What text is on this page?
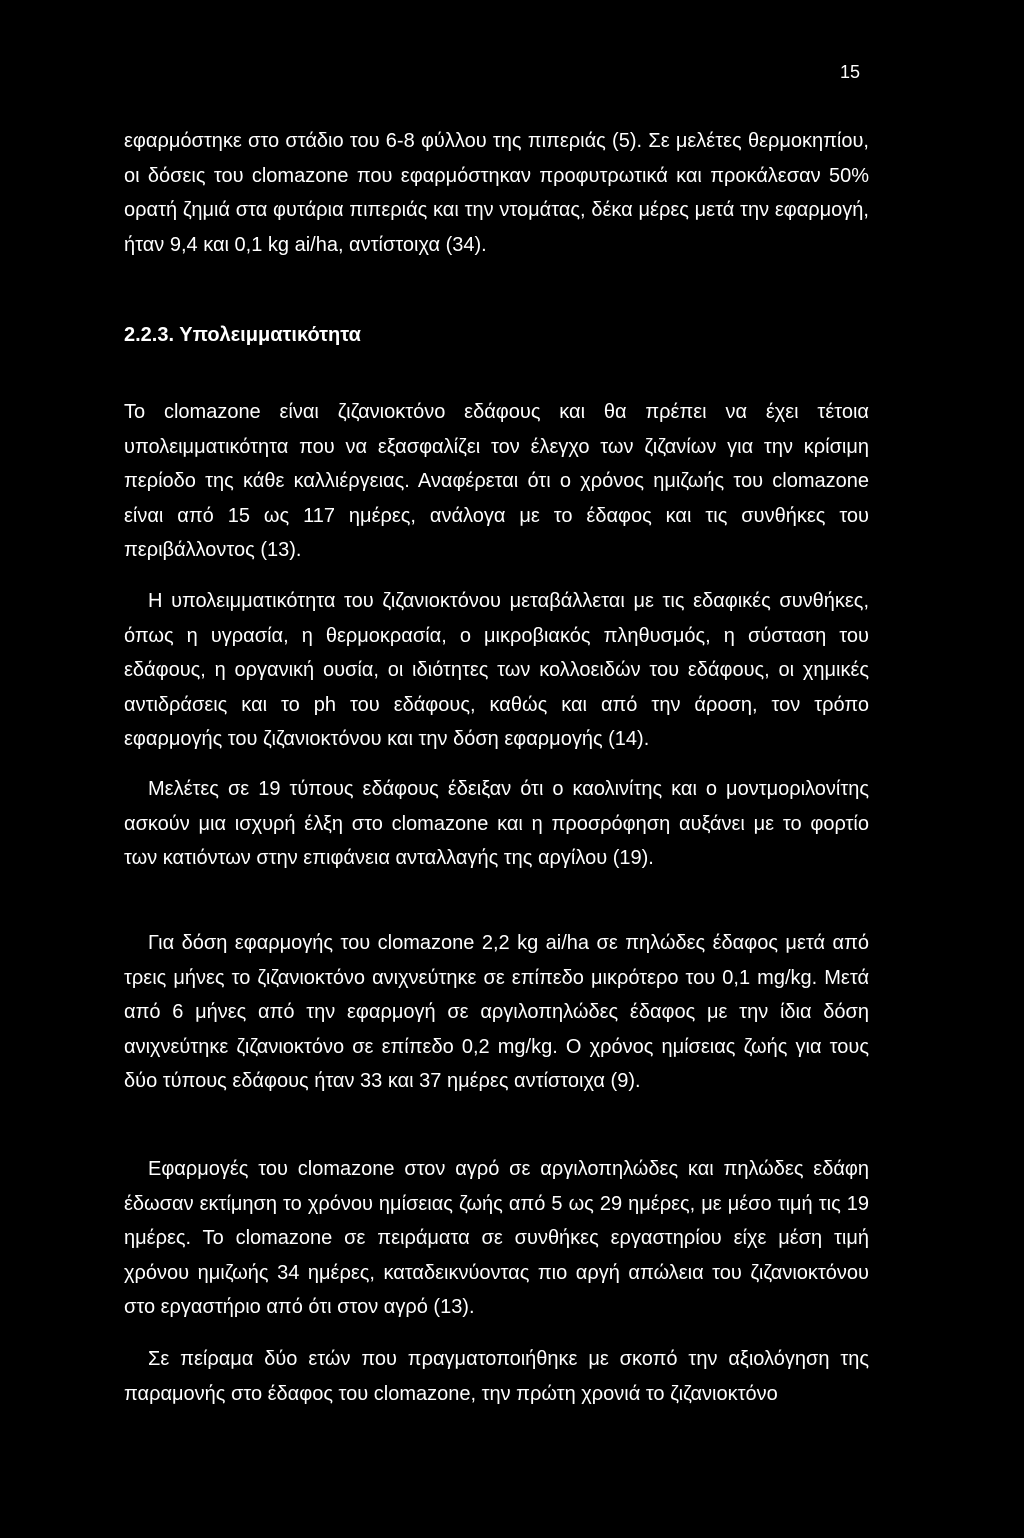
15

εφαρμόστηκε στο στάδιο του 6-8 φύλλου της πιπεριάς (5). Σε μελέτες θερμοκηπίου, οι δόσεις του clomazone που εφαρμόστηκαν προφυτρωτικά και προκάλεσαν 50% ορατή ζημιά στα φυτάρια πιπεριάς και την ντομάτας, δέκα μέρες μετά την εφαρμογή, ήταν 9,4 και 0,1 kg ai/ha, αντίστοιχα (34).

2.2.3. Υπολειμματικότητα

Το clomazone είναι ζιζανιοκτόνο εδάφους και θα πρέπει να έχει τέτοια υπολειμματικότητα που να εξασφαλίζει τον έλεγχο των ζιζανίων για την κρίσιμη περίοδο της κάθε καλλιέργειας. Αναφέρεται ότι ο χρόνος ημιζωής του clomazone είναι από 15 ως 117 ημέρες, ανάλογα με το έδαφος και τις συνθήκες του περιβάλλοντος (13).

Η υπολειμματικότητα του ζιζανιοκτόνου μεταβάλλεται με τις εδαφικές συνθήκες, όπως η υγρασία, η θερμοκρασία, ο μικροβιακός πληθυσμός, η σύσταση του εδάφους, η οργανική ουσία, οι ιδιότητες των κολλοειδών του εδάφους, οι χημικές αντιδράσεις και το ph του εδάφους, καθώς και από την άροση, τον τρόπο εφαρμογής του ζιζανιοκτόνου και την δόση εφαρμογής (14).

Μελέτες σε 19 τύπους εδάφους έδειξαν ότι ο καολινίτης και ο μοντμοριλονίτης ασκούν μια ισχυρή έλξη στο clomazone και η προσρόφηση αυξάνει με το φορτίο των κατιόντων στην επιφάνεια ανταλλαγής της αργίλου (19).

Για δόση εφαρμογής του clomazone 2,2 kg ai/ha σε πηλώδες έδαφος μετά από τρεις μήνες το ζιζανιοκτόνο ανιχνεύτηκε σε επίπεδο μικρότερο του 0,1 mg/kg. Μετά από 6 μήνες από την εφαρμογή σε αργιλοπηλώδες έδαφος με την ίδια δόση ανιχνεύτηκε ζιζανιοκτόνο σε επίπεδο 0,2 mg/kg. Ο χρόνος ημίσειας ζωής για τους δύο τύπους εδάφους ήταν 33 και 37 ημέρες αντίστοιχα (9).

Εφαρμογές του clomazone στον αγρό σε αργιλοπηλώδες και πηλώδες εδάφη έδωσαν εκτίμηση το χρόνου ημίσειας ζωής από 5 ως 29 ημέρες, με μέσο τιμή τις 19 ημέρες. Το clomazone σε πειράματα σε συνθήκες εργαστηρίου είχε μέση τιμή χρόνου ημιζωής 34 ημέρες, καταδεικνύοντας πιο αργή απώλεια του ζιζανιοκτόνου στο εργαστήριο από ότι στον αγρό (13).

Σε πείραμα δύο ετών που πραγματοποιήθηκε με σκοπό την αξιολόγηση της παραμονής στο έδαφος του clomazone, την πρώτη χρονιά το ζιζανιοκτόνο
